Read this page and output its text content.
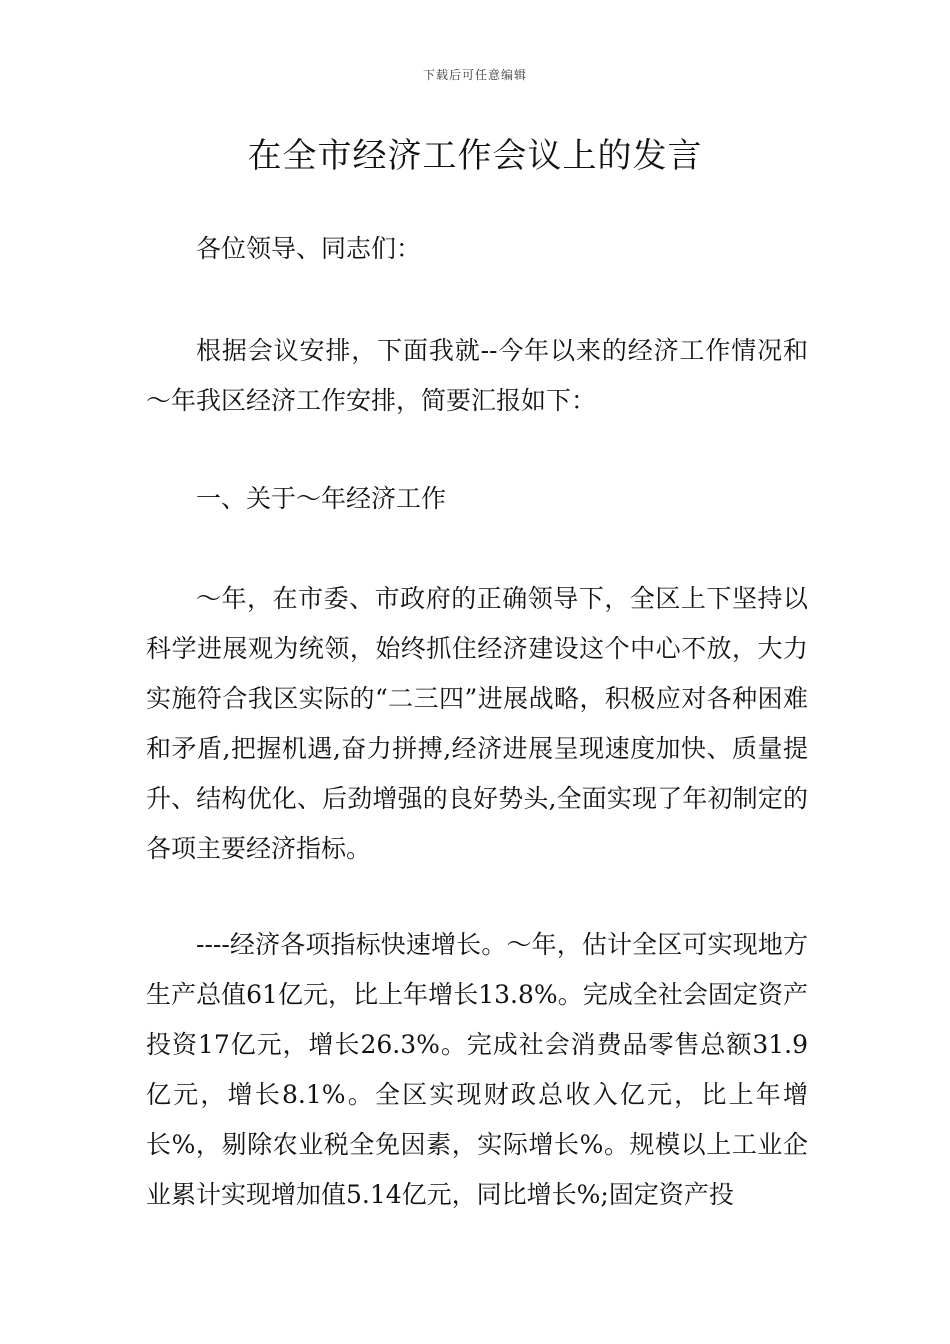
下载后可任意编辑
在全市经济工作会议上的发言

各位领导、同志们：

根据会议安排，下面我就--今年以来的经济工作情况和～年我区经济工作安排，简要汇报如下：

一、关于～年经济工作

～年，在市委、市政府的正确领导下，全区上下坚持以科学进展观为统领，始终抓住经济建设这个中心不放，大力实施符合我区实际的“二三四”进展战略，积极应对各种困难和矛盾,把握机遇,奋力拼搏,经济进展呈现速度加快、质量提升、结构优化、后劲增强的良好势头,全面实现了年初制定的各项主要经济指标。

----经济各项指标快速增长。～年，估计全区可实现地方生产总值61亿元，比上年增长13.8%。完成全社会固定资产投资17亿元，增长26.3%。完成社会消费品零售总额31.9亿元，增长8.1%。全区实现财政总收入亿元，比上年增长%，剔除农业税全免因素，实际增长%。规模以上工业企业累计实现增加值5.14亿元，同比增长%;固定资产投
